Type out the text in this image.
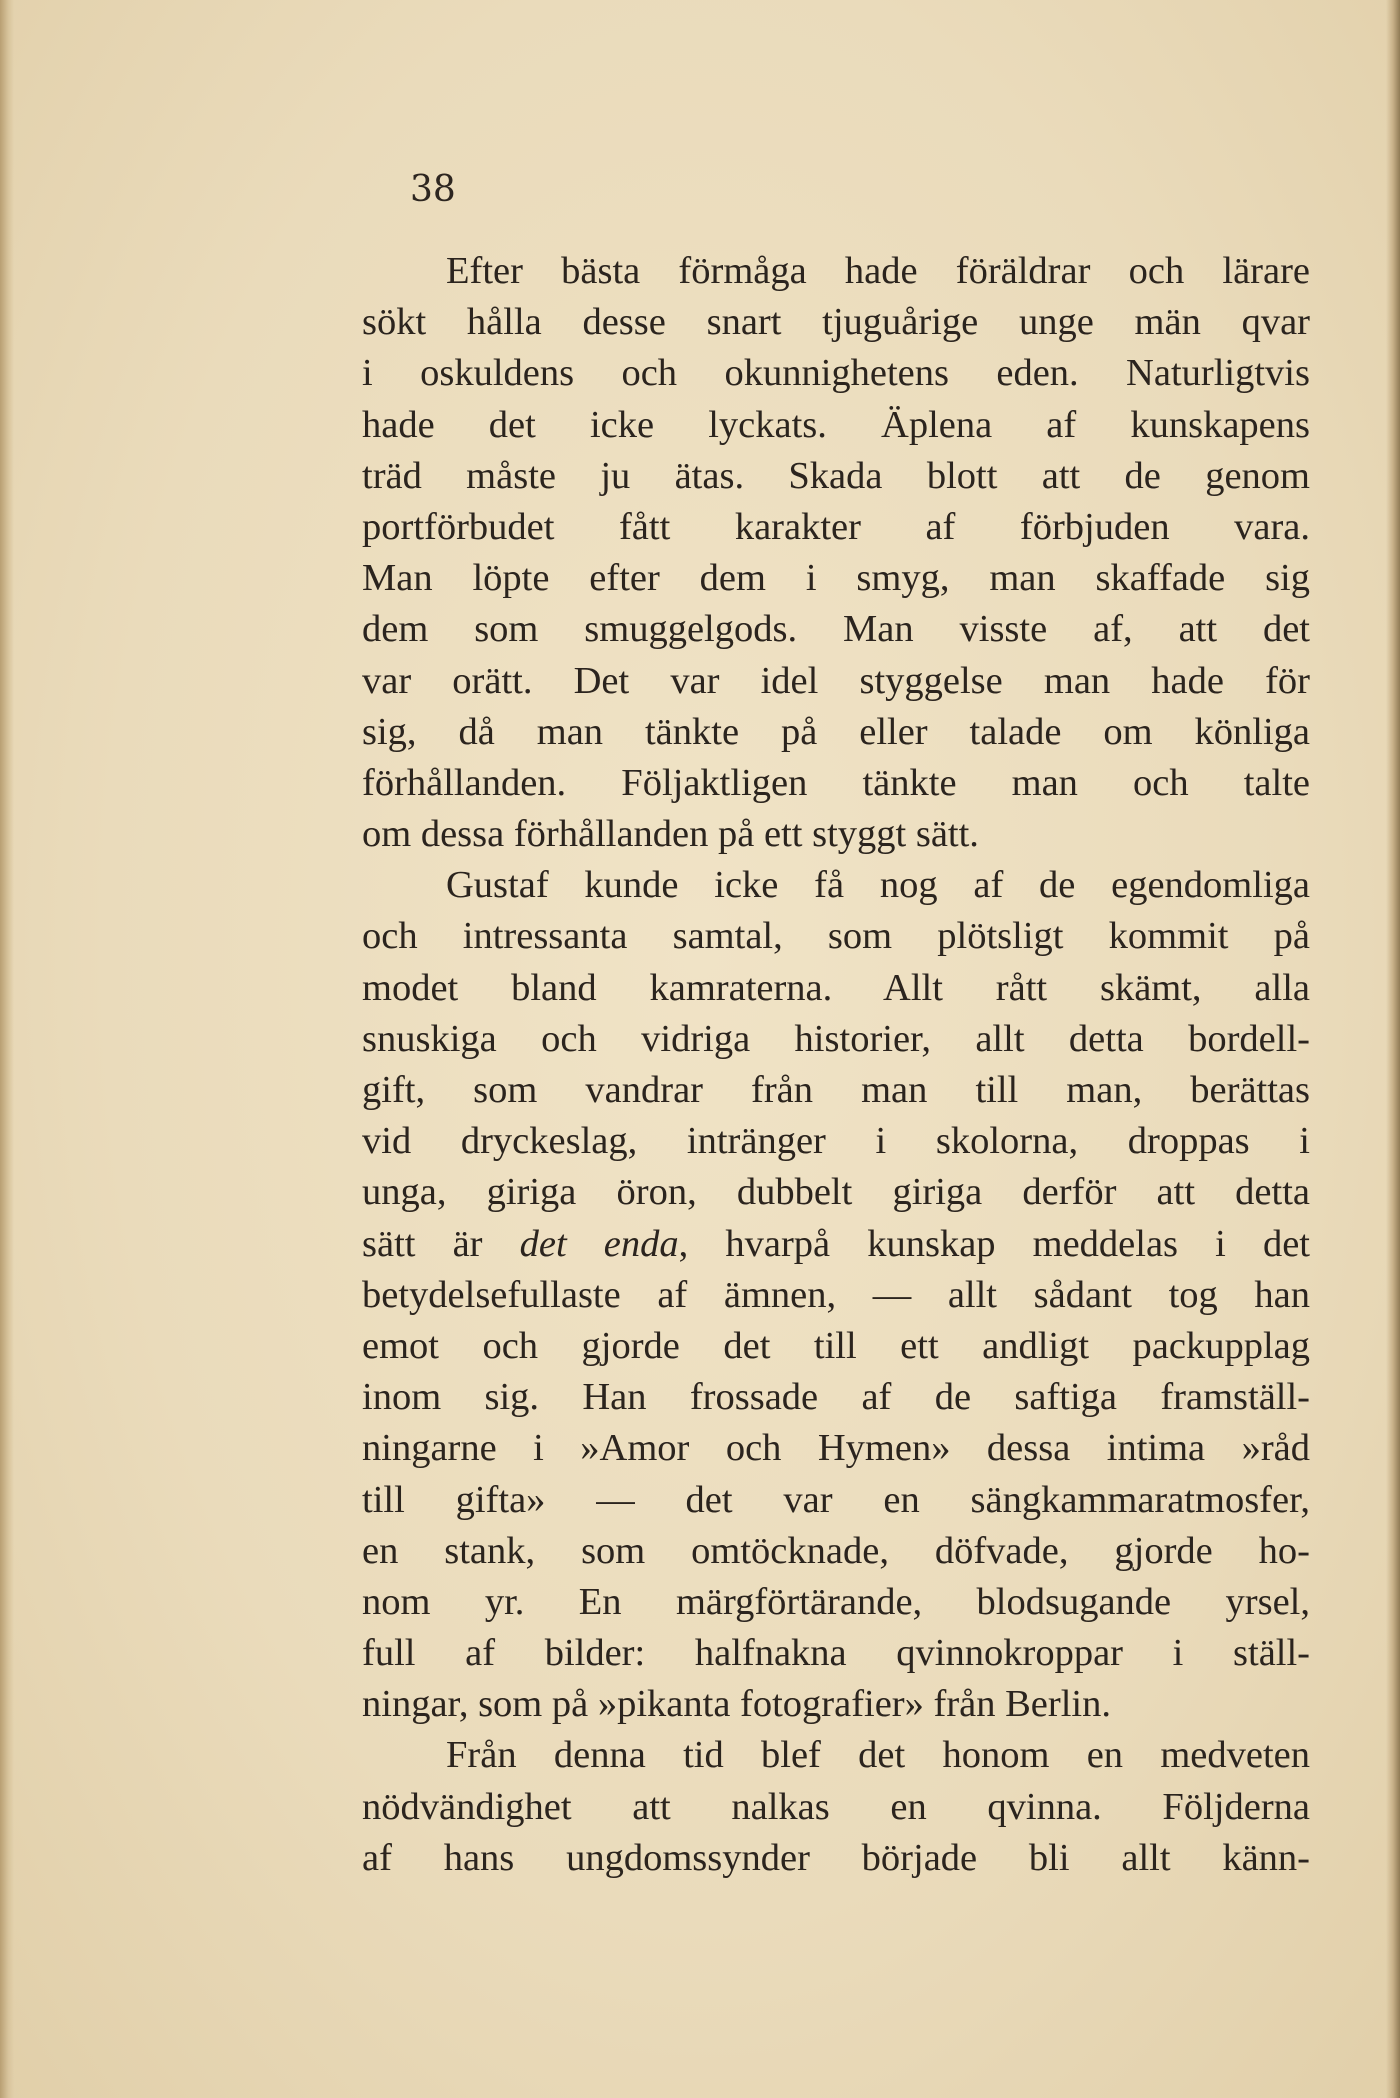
38
Efter bästa förmåga hade föräldrar och lärare
sökt hålla desse snart tjuguårige unge män qvar
i oskuldens och okunnighetens eden. Naturligtvis
hade det icke lyckats. Äplena af kunskapens
träd måste ju ätas. Skada blott att de genom
portförbudet fått karakter af förbjuden vara.
Man löpte efter dem i smyg, man skaffade sig
dem som smuggelgods. Man visste af, att det
var orätt. Det var idel styggelse man hade för
sig, då man tänkte på eller talade om könliga
förhållanden. Följaktligen tänkte man och talte
om dessa förhållanden på ett styggt sätt.
Gustaf kunde icke få nog af de egendomliga
och intressanta samtal, som plötsligt kommit på
modet bland kamraterna. Allt rått skämt, alla
snuskiga och vidriga historier, allt detta bordell-
gift, som vandrar från man till man, berättas
vid dryckeslag, intränger i skolorna, droppas i
unga, giriga öron, dubbelt giriga derför att detta
sätt är det enda, hvarpå kunskap meddelas i det
betydelsefullaste af ämnen, — allt sådant tog han
emot och gjorde det till ett andligt packupplag
inom sig. Han frossade af de saftiga framställ-
ningarne i »Amor och Hymen» dessa intima »råd
till gifta» — det var en sängkammaratmosfer,
en stank, som omtöcknade, döfvade, gjorde ho-
nom yr. En märgförtärande, blodsugande yrsel,
full af bilder: halfnakna qvinnokroppar i ställ-
ningar, som på »pikanta fotografier» från Berlin.
Från denna tid blef det honom en medveten
nödvändighet att nalkas en qvinna. Följderna
af hans ungdomssynder började bli allt känn-
